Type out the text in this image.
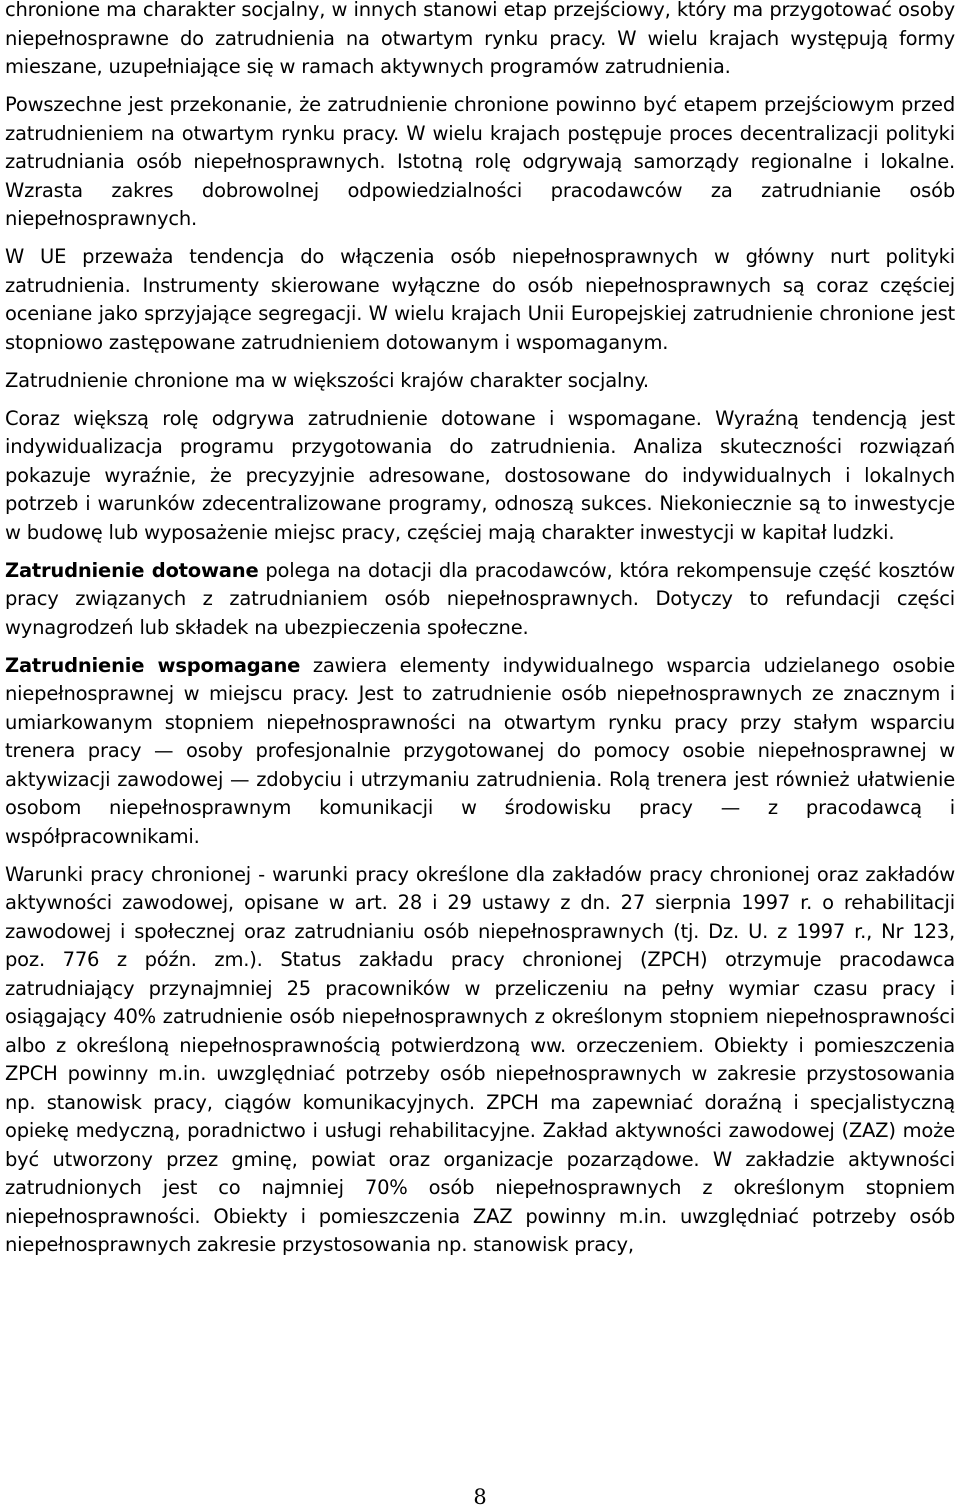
chronione ma charakter socjalny, w innych stanowi etap przejściowy, który ma przygotować osoby niepełnosprawne do zatrudnienia na otwartym rynku pracy. W wielu krajach występują formy mieszane, uzupełniające się w ramach aktywnych programów zatrudnienia.

Powszechne jest przekonanie, że zatrudnienie chronione powinno być etapem przejściowym przed zatrudnieniem na otwartym rynku pracy. W wielu krajach postępuje proces decentralizacji polityki zatrudniania osób niepełnosprawnych. Istotną rolę odgrywają samorządy regionalne i lokalne. Wzrasta zakres dobrowolnej odpowiedzialności pracodawców za zatrudnianie osób niepełnosprawnych.

W UE przeważa tendencja do włączenia osób niepełnosprawnych w główny nurt polityki zatrudnienia. Instrumenty skierowane wyłączne do osób niepełnosprawnych są coraz częściej oceniane jako sprzyjające segregacji. W wielu krajach Unii Europejskiej zatrudnienie chronione jest stopniowo zastępowane zatrudnieniem dotowanym i wspomaganym.

Zatrudnienie chronione ma w większości krajów charakter socjalny.

Coraz większą rolę odgrywa zatrudnienie dotowane i wspomagane. Wyraźną tendencją jest indywidualizacja programu przygotowania do zatrudnienia. Analiza skuteczności rozwiązań pokazuje wyraźnie, że precyzyjnie adresowane, dostosowane do indywidualnych i lokalnych potrzeb i warunków zdecentralizowane programy, odnoszą sukces. Niekoniecznie są to inwestycje w budowę lub wyposażenie miejsc pracy, częściej mają charakter inwestycji w kapitał ludzki.

Zatrudnienie dotowane polega na dotacji dla pracodawców, która rekompensuje część kosztów pracy związanych z zatrudnianiem osób niepełnosprawnych. Dotyczy to refundacji części wynagrodzeń lub składek na ubezpieczenia społeczne.

Zatrudnienie wspomagane zawiera elementy indywidualnego wsparcia udzielanego osobie niepełnosprawnej w miejscu pracy. Jest to zatrudnienie osób niepełnosprawnych ze znacznym i umiarkowanym stopniem niepełnosprawności na otwartym rynku pracy przy stałym wsparciu trenera pracy — osoby profesjonalnie przygotowanej do pomocy osobie niepełnosprawnej w aktywizacji zawodowej — zdobyciu i utrzymaniu zatrudnienia. Rolą trenera jest również ułatwienie osobom niepełnosprawnym komunikacji w środowisku pracy — z pracodawcą i współpracownikami.

Warunki pracy chronionej - warunki pracy określone dla zakładów pracy chronionej oraz zakładów aktywności zawodowej, opisane w art. 28 i 29 ustawy z dn. 27 sierpnia 1997 r. o rehabilitacji zawodowej i społecznej oraz zatrudnianiu osób niepełnosprawnych (tj. Dz. U. z 1997 r., Nr 123, poz. 776 z późn. zm.). Status zakładu pracy chronionej (ZPCH) otrzymuje pracodawca zatrudniający przynajmniej 25 pracowników w przeliczeniu na pełny wymiar czasu pracy i osiągający 40% zatrudnienie osób niepełnosprawnych z określonym stopniem niepełnosprawności albo z określoną niepełnosprawnością potwierdzoną ww. orzeczeniem. Obiekty i pomieszczenia ZPCH powinny m.in. uwzględniać potrzeby osób niepełnosprawnych w zakresie przystosowania np. stanowisk pracy, ciągów komunikacyjnych. ZPCH ma zapewniać doraźną i specjalistyczną opiekę medyczną, poradnictwo i usługi rehabilitacyjne. Zakład aktywności zawodowej (ZAZ) może być utworzony przez gminę, powiat oraz organizacje pozarządowe. W zakładzie aktywności zatrudnionych jest co najmniej 70% osób niepełnosprawnych z określonym stopniem niepełnosprawności. Obiekty i pomieszczenia ZAZ powinny m.in. uwzględniać potrzeby osób niepełnosprawnych zakresie przystosowania np. stanowisk pracy,

8
